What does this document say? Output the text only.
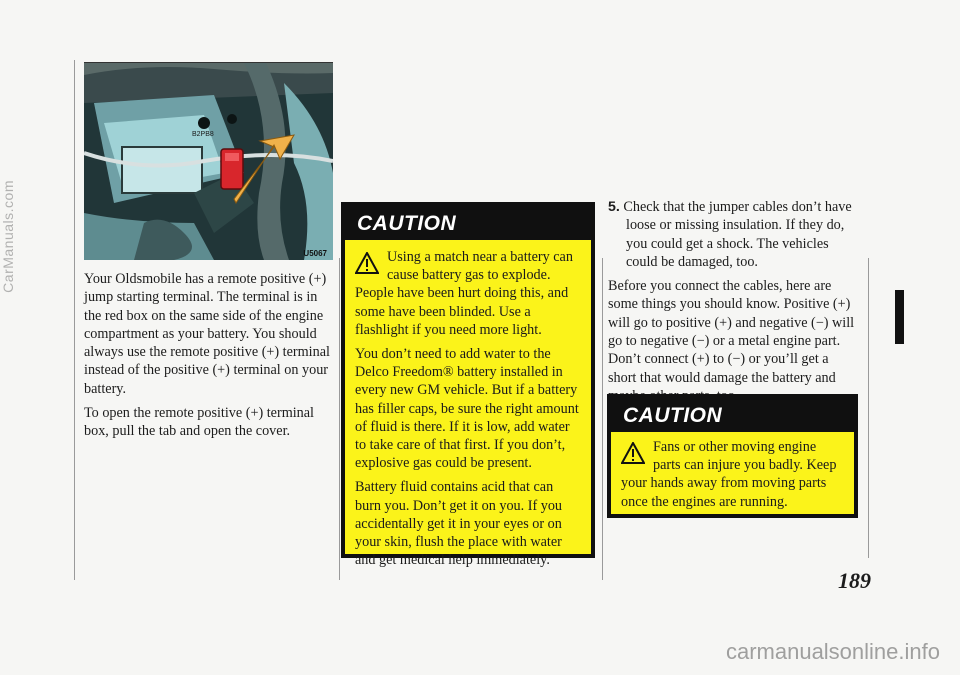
B2PB8
U5067

Your Oldsmobile has a remote positive (+) jump starting terminal. The terminal is in the red box on the same side of the engine compartment as your battery. You should always use the remote positive (+) terminal instead of the positive (+) terminal on your battery.

To open the remote positive (+) terminal box, pull the tab and open the cover.

CAUTION

Using a match near a battery can cause battery gas to explode. People have been hurt doing this, and some have been blinded. Use a flashlight if you need more light.

You don’t need to add water to the Delco Freedom® battery installed in every new GM vehicle. But if a battery has filler caps, be sure the right amount of fluid is there. If it is low, add water to take care of that first. If you don’t, explosive gas could be present.

Battery fluid contains acid that can burn you. Don’t get it on you. If you accidentally get it in your eyes or on your skin, flush the place with water and get medical help immediately.

5. Check that the jumper cables don’t have loose or missing insulation. If they do, you could get a shock. The vehicles could be damaged, too.

Before you connect the cables, here are some things you should know. Positive (+) will go to positive (+) and negative (−) will go to negative (−) or a metal engine part. Don’t connect (+) to (−) or you’ll get a short that would damage the battery and

CAUTION

Fans or other moving engine parts can injure you badly. Keep your hands away from moving parts once the engines are running.

189
CarManuals.com
carmanualsonline.info
